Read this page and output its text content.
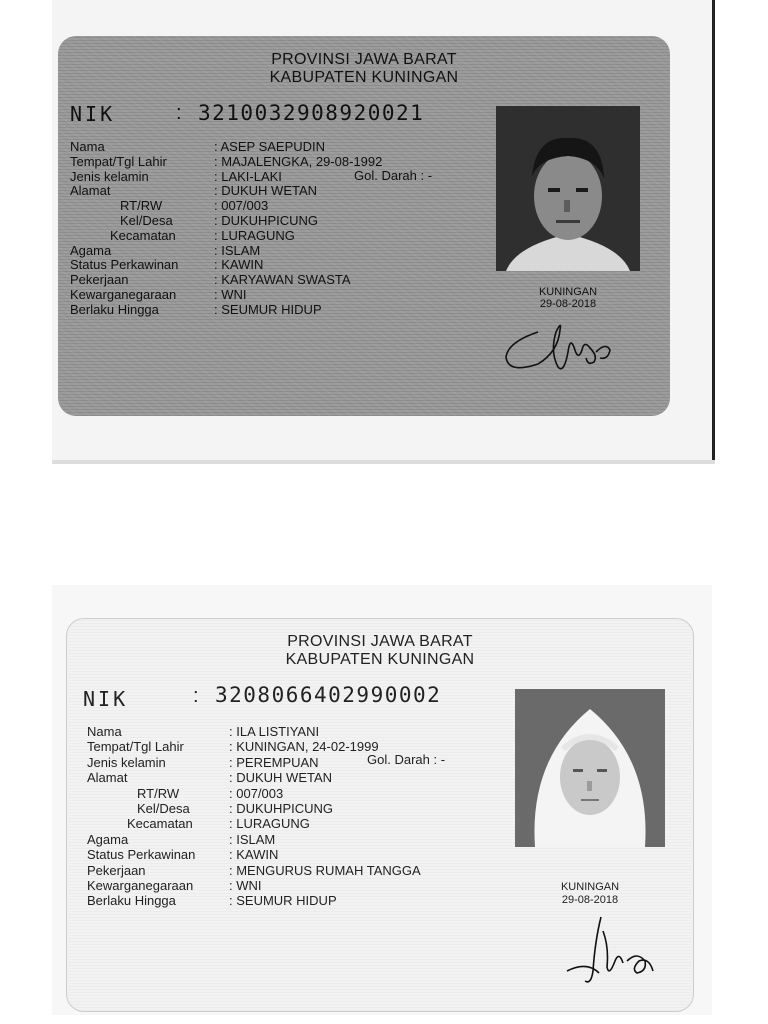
PROVINSI JAWA BARAT
KABUPATEN KUNINGAN
NIK	: 3210032908920021
Nama	: ASEP SAEPUDIN
Tempat/Tgl Lahir	: MAJALENGKA, 29-08-1992
Jenis kelamin	: LAKI-LAKI
Alamat	: DUKUH WETAN
RT/RW	: 007/003
Kel/Desa	: DUKUHPICUNG
Kecamatan	: LURAGUNG
Agama	: ISLAM
Status Perkawinan	: KAWIN
Pekerjaan	: KARYAWAN SWASTA
Kewarganegaraan	: WNI
Berlaku Hingga	: SEUMUR HIDUP
Gol. Darah : -
KUNINGAN
29-08-2018
PROVINSI JAWA BARAT
KABUPATEN KUNINGAN
NIK	: 3208066402990002
Nama	: ILA LISTIYANI
Tempat/Tgl Lahir	: KUNINGAN, 24-02-1999
Jenis kelamin	: PEREMPUAN
Alamat	: DUKUH WETAN
RT/RW	: 007/003
Kel/Desa	: DUKUHPICUNG
Kecamatan	: LURAGUNG
Agama	: ISLAM
Status Perkawinan	: KAWIN
Pekerjaan	: MENGURUS RUMAH TANGGA
Kewarganegaraan	: WNI
Berlaku Hingga	: SEUMUR HIDUP
Gol. Darah : -
KUNINGAN
29-08-2018
